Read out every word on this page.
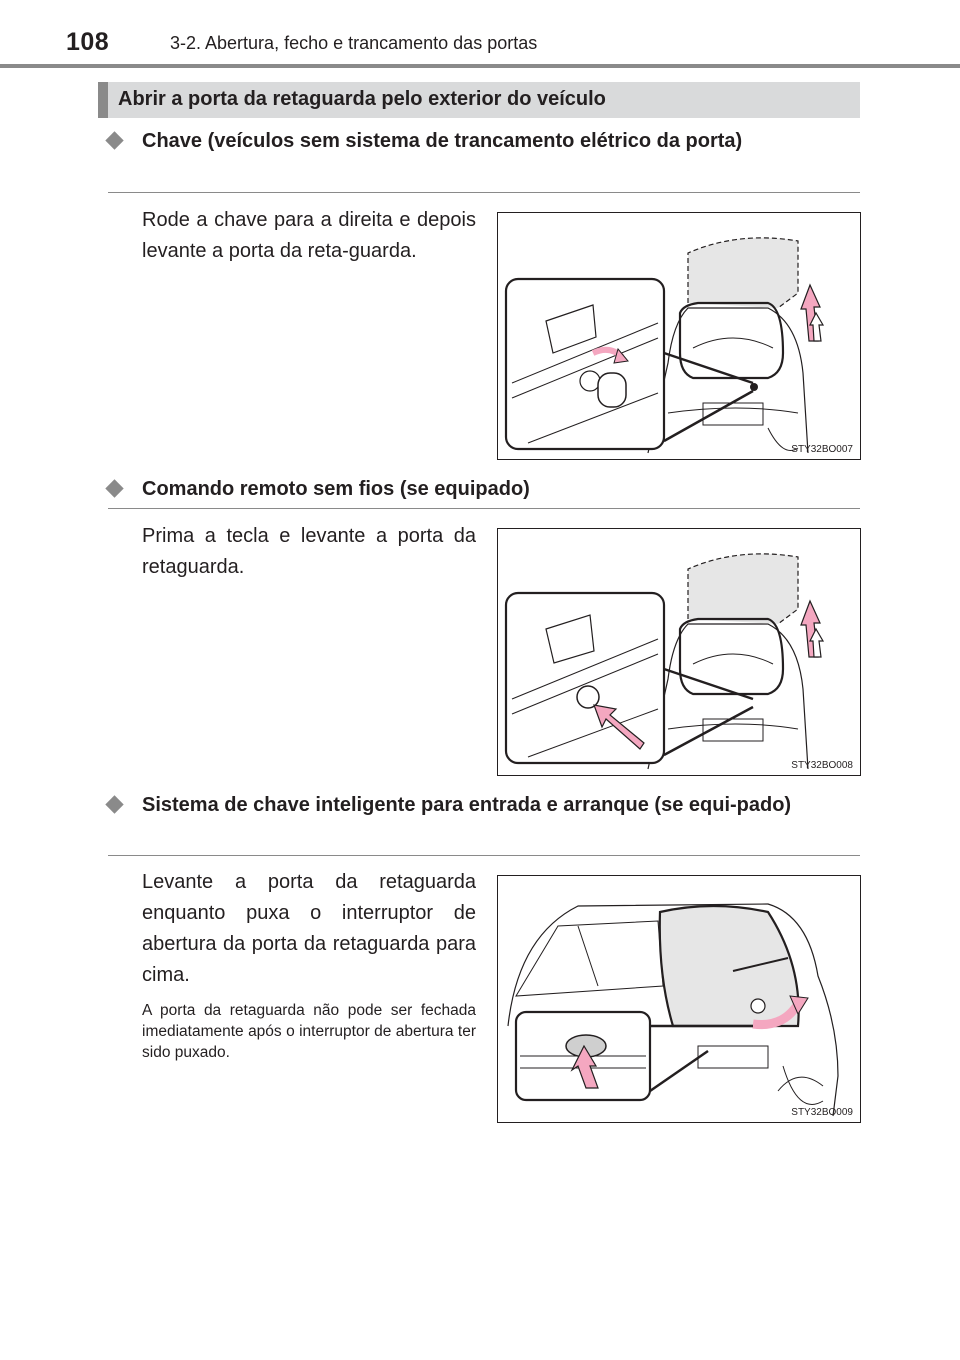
108	3-2. Abertura, fecho e trancamento das portas
Abrir a porta da retaguarda pelo exterior do veículo
Chave (veículos sem sistema de trancamento elétrico da porta)
Rode a chave para a direita e depois levante a porta da reta-guarda.
STY32BO007
Comando remoto sem fios (se equipado)
Prima a tecla e levante a porta da retaguarda.
STY32BO008
Sistema de chave inteligente para entrada e arranque (se equi-pado)
Levante a porta da retaguarda enquanto puxa o interruptor de abertura da porta da retaguarda para cima.
A porta da retaguarda não pode ser fechada imediatamente após o interruptor de abertura ter sido puxado.
STY32BO009
